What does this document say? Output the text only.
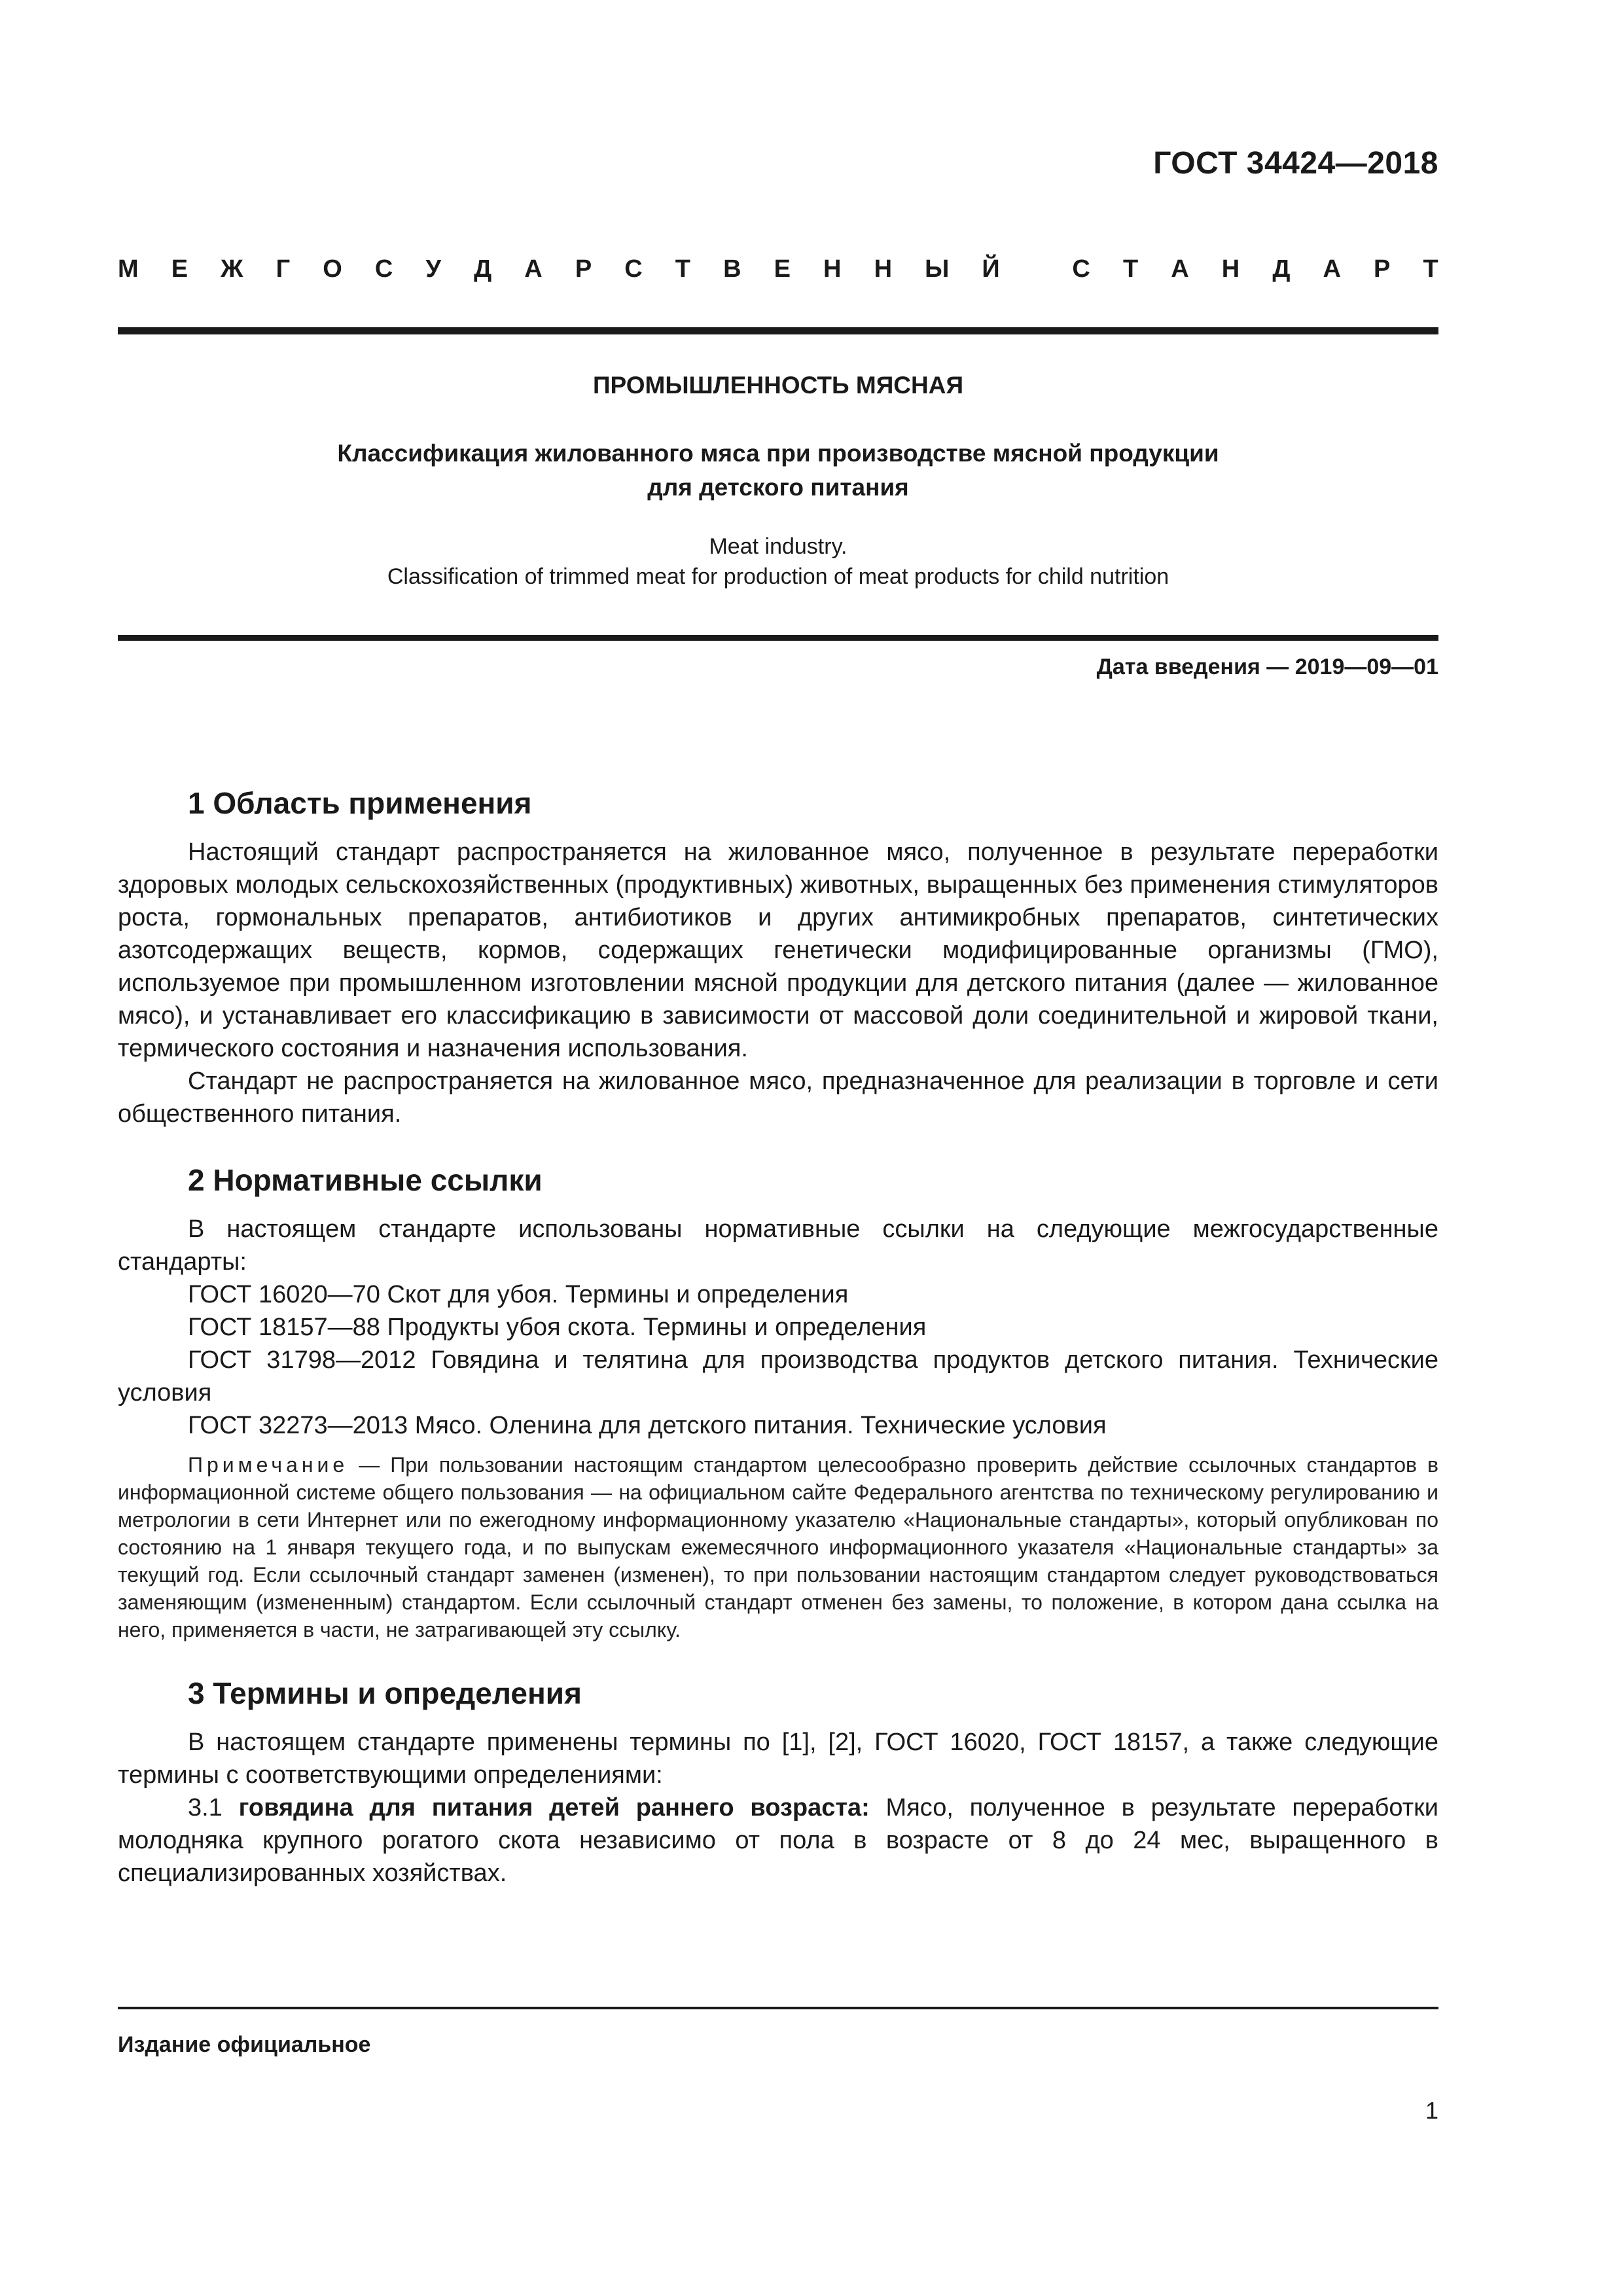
ГОСТ 34424—2018
М Е Ж Г О С У Д А Р С Т В Е Н Н Ы Й
	С Т А Н Д А Р Т
ПРОМЫШЛЕННОСТЬ МЯСНАЯ
Классификация жилованного мяса при производстве мясной продукции
для детского питания
Meat industry.
Classification of trimmed meat for production of meat products for child nutrition
Дата введения — 2019—09—01
1 Область применения

Настоящий стандарт распространяется на жилованное мясо, полученное в результате переработки здоровых молодых сельскохозяйственных (продуктивных) животных, выращенных без применения стимуляторов роста, гормональных препаратов, антибиотиков и других антимикробных препаратов, синтетических азотсодержащих веществ, кормов, содержащих генетически модифицированные организмы (ГМО), используемое при промышленном изготовлении мясной продукции для детского питания (далее — жилованное мясо), и устанавливает его классификацию в зависимости от массовой доли соединительной и жировой ткани, термического состояния и назначения использования.

Стандарт не распространяется на жилованное мясо, предназначенное для реализации в торговле и сети общественного питания.

2 Нормативные ссылки

В настоящем стандарте использованы нормативные ссылки на следующие межгосударственные стандарты:

ГОСТ 16020—70 Скот для убоя. Термины и определения

ГОСТ 18157—88 Продукты убоя скота. Термины и определения

ГОСТ 31798—2012 Говядина и телятина для производства продуктов детского питания. Технические условия

ГОСТ 32273—2013 Мясо. Оленина для детского питания. Технические условия

Примечание — При пользовании настоящим стандартом целесообразно проверить действие ссылочных стандартов в информационной системе общего пользования — на официальном сайте Федерального агентства по техническому регулированию и метрологии в сети Интернет или по ежегодному информационному указателю «Национальные стандарты», который опубликован по состоянию на 1 января текущего года, и по выпускам ежемесячного информационного указателя «Национальные стандарты» за текущий год. Если ссылочный стандарт заменен (изменен), то при пользовании настоящим стандартом следует руководствоваться заменяющим (измененным) стандартом. Если ссылочный стандарт отменен без замены, то положение, в котором дана ссылка на него, применяется в части, не затрагивающей эту ссылку.

3 Термины и определения

В настоящем стандарте применены термины по [1], [2], ГОСТ 16020, ГОСТ 18157, а также следующие термины с соответствующими определениями:

3.1 говядина для питания детей раннего возраста: Мясо, полученное в результате переработки молодняка крупного рогатого скота независимо от пола в возрасте от 8 до 24 мес, выращенного в специализированных хозяйствах.

Издание официальное
1
